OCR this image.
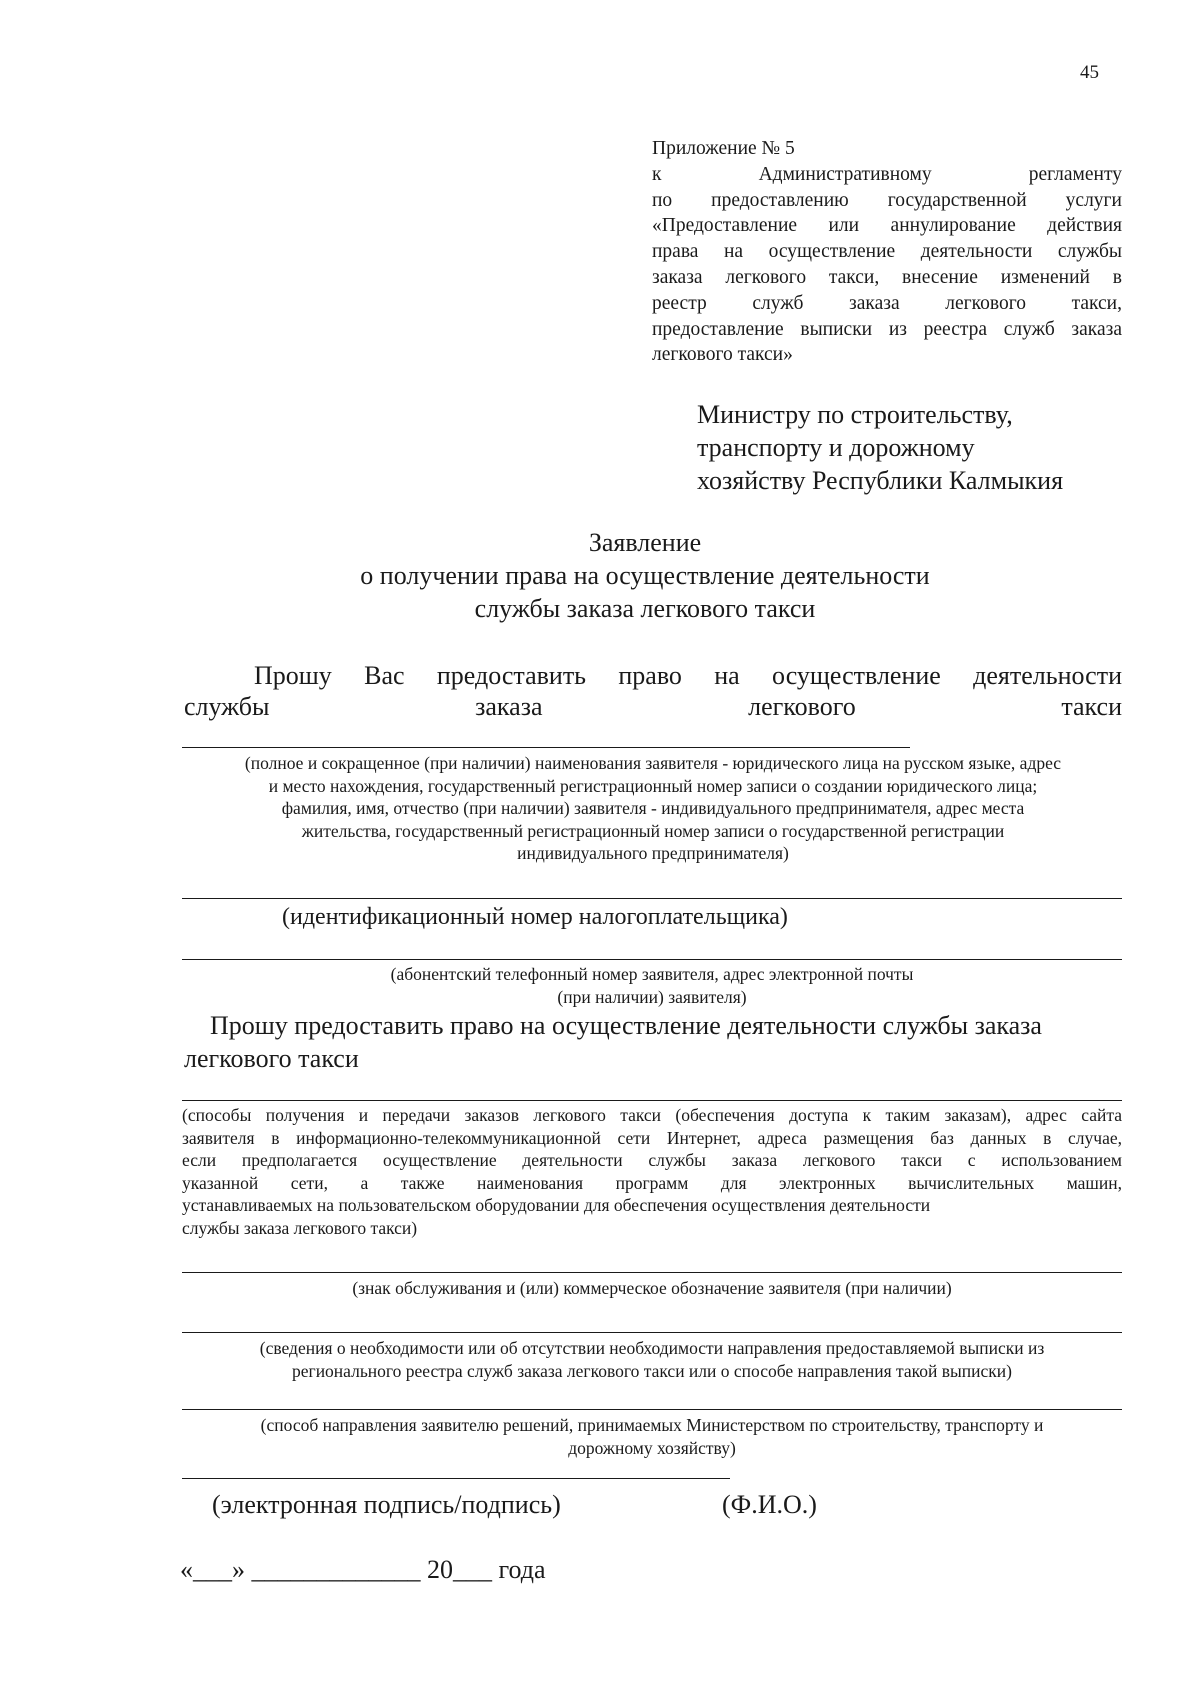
45
Приложение № 5
к Административному регламенту
по предоставлению государственной услуги
«Предоставление или аннулирование действия
права на осуществление деятельности службы
заказа легкового такси, внесение изменений в
реестр служб заказа легкового такси,
предоставление выписки из реестра служб заказа
легкового такси»
Министру по строительству,
транспорту и дорожному
хозяйству Республики Калмыкия
Заявление
о получении права на осуществление деятельности
службы заказа легкового такси
Прошу Вас предоставить право на осуществление деятельности
службы заказа легкового такси
(полное и сокращенное (при наличии) наименования заявителя - юридического лица на русском языке, адрес
и место нахождения, государственный регистрационный номер записи о создании юридического лица;
фамилия, имя, отчество (при наличии) заявителя - индивидуального предпринимателя, адрес места
жительства, государственный регистрационный номер записи о государственной регистрации
индивидуального предпринимателя)
(идентификационный номер налогоплательщика)
(абонентский телефонный номер заявителя, адрес электронной почты
(при наличии) заявителя)
Прошу предоставить право на осуществление деятельности службы заказа
легкового такси
(способы получения и передачи заказов легкового такси (обеспечения доступа к таким заказам), адрес сайта
заявителя в информационно-телекоммуникационной сети Интернет, адреса размещения баз данных в случае,
если предполагается осуществление деятельности службы заказа легкового такси с использованием
указанной сети, а также наименования программ для электронных вычислительных машин,
устанавливаемых на пользовательском оборудовании для обеспечения осуществления деятельности
службы заказа легкового такси)
(знак обслуживания и (или) коммерческое обозначение заявителя (при наличии)
(сведения о необходимости или об отсутствии необходимости направления предоставляемой выписки из
регионального реестра служб заказа легкового такси или о способе направления такой выписки)
(способ направления заявителю решений, принимаемых Министерством по строительству, транспорту и
дорожному хозяйству)
(электронная подпись/подпись)	(Ф.И.О.)
«___» _____________ 20___ года
